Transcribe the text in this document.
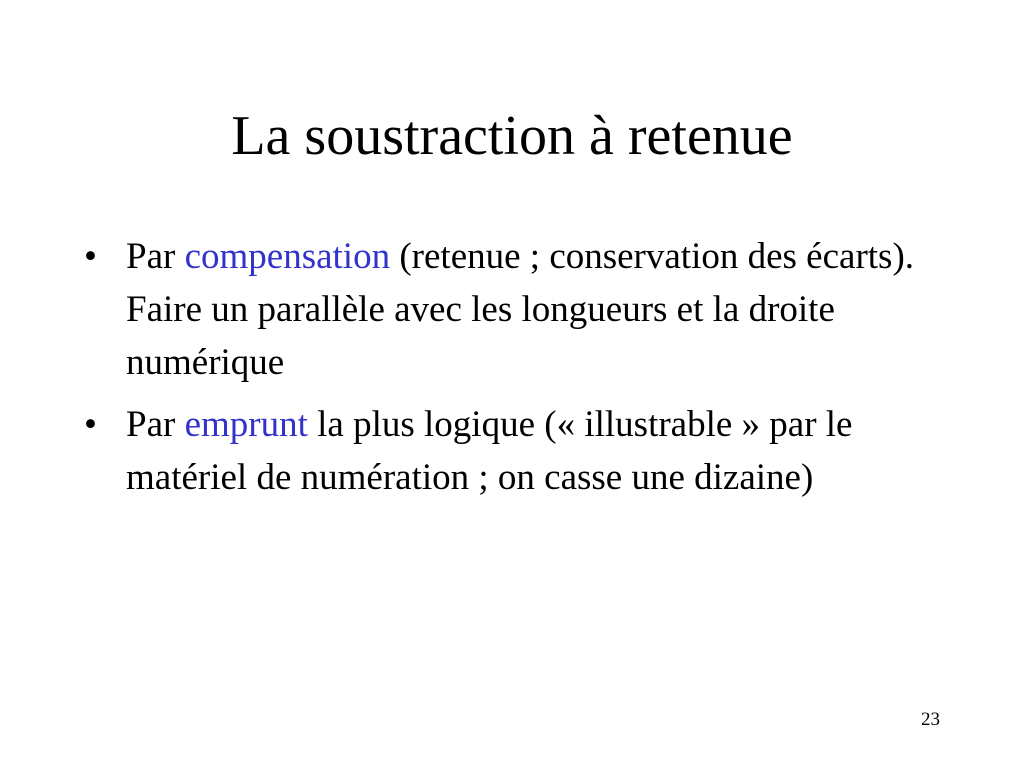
La soustraction à retenue
• Par compensation (retenue ; conservation des écarts). Faire un parallèle avec les longueurs et la droite numérique
• Par emprunt la plus logique (« illustrable » par le matériel de numération ; on casse une dizaine)
23
